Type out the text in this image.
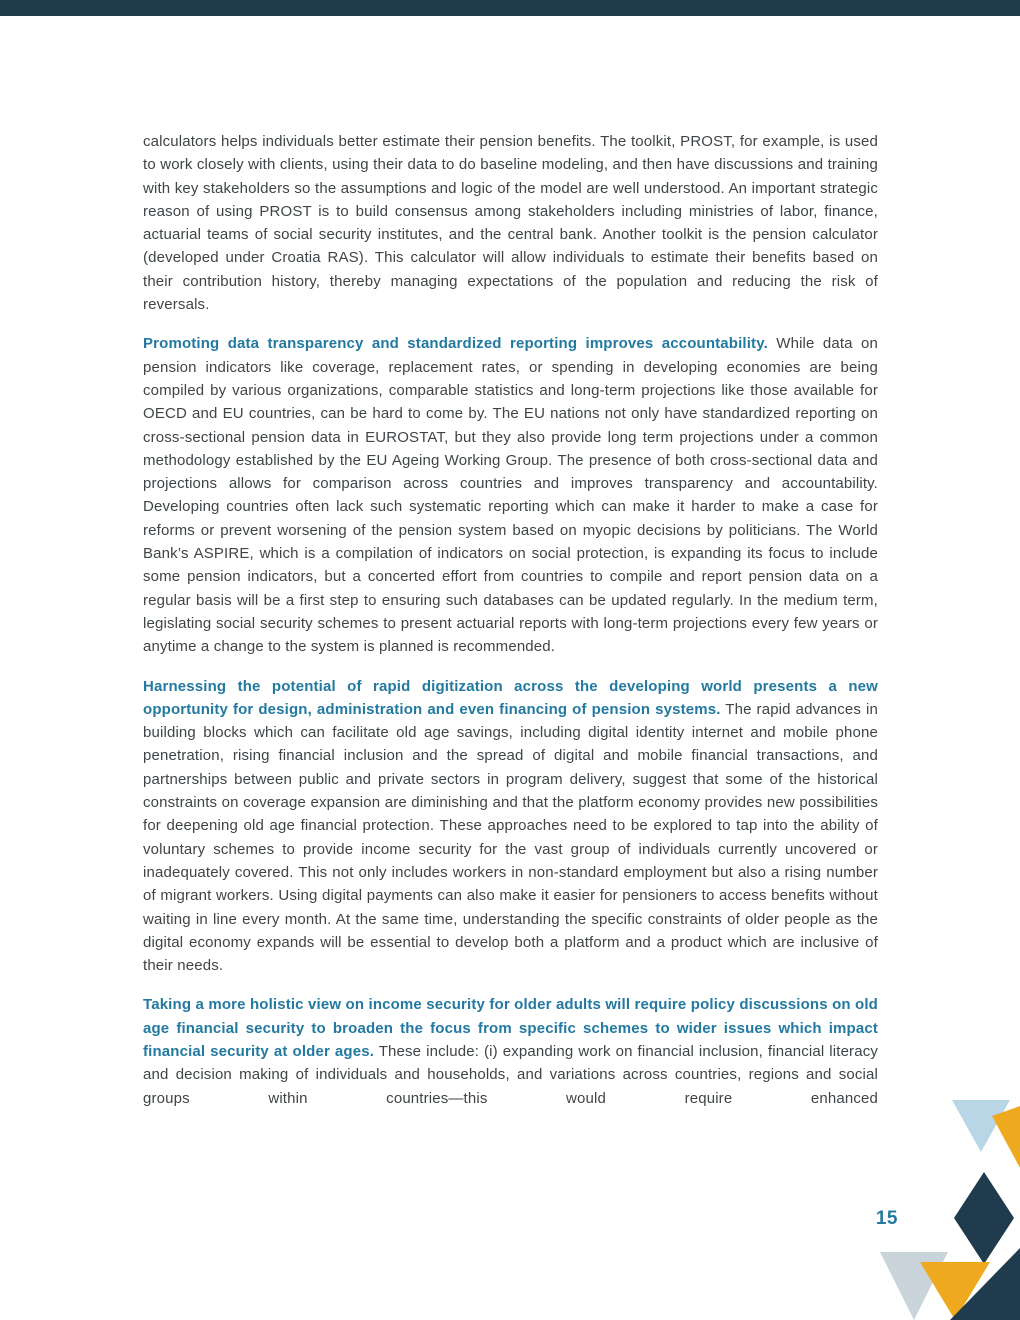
calculators helps individuals better estimate their pension benefits. The toolkit, PROST, for example, is used to work closely with clients, using their data to do baseline modeling, and then have discussions and training with key stakeholders so the assumptions and logic of the model are well understood. An important strategic reason of using PROST is to build consensus among stakeholders including ministries of labor, finance, actuarial teams of social security institutes, and the central bank. Another toolkit is the pension calculator (developed under Croatia RAS). This calculator will allow individuals to estimate their benefits based on their contribution history, thereby managing expectations of the population and reducing the risk of reversals.

Promoting data transparency and standardized reporting improves accountability. While data on pension indicators like coverage, replacement rates, or spending in developing economies are being compiled by various organizations, comparable statistics and long-term projections like those available for OECD and EU countries, can be hard to come by. The EU nations not only have standardized reporting on cross-sectional pension data in EUROSTAT, but they also provide long term projections under a common methodology established by the EU Ageing Working Group. The presence of both cross-sectional data and projections allows for comparison across countries and improves transparency and accountability. Developing countries often lack such systematic reporting which can make it harder to make a case for reforms or prevent worsening of the pension system based on myopic decisions by politicians. The World Bank’s ASPIRE, which is a compilation of indicators on social protection, is expanding its focus to include some pension indicators, but a concerted effort from countries to compile and report pension data on a regular basis will be a first step to ensuring such databases can be updated regularly. In the medium term, legislating social security schemes to present actuarial reports with long-term projections every few years or anytime a change to the system is planned is recommended.

Harnessing the potential of rapid digitization across the developing world presents a new opportunity for design, administration and even financing of pension systems. The rapid advances in building blocks which can facilitate old age savings, including digital identity internet and mobile phone penetration, rising financial inclusion and the spread of digital and mobile financial transactions, and partnerships between public and private sectors in program delivery, suggest that some of the historical constraints on coverage expansion are diminishing and that the platform economy provides new possibilities for deepening old age financial protection. These approaches need to be explored to tap into the ability of voluntary schemes to provide income security for the vast group of individuals currently uncovered or inadequately covered. This not only includes workers in non-standard employment but also a rising number of migrant workers. Using digital payments can also make it easier for pensioners to access benefits without waiting in line every month. At the same time, understanding the specific constraints of older people as the digital economy expands will be essential to develop both a platform and a product which are inclusive of their needs.

Taking a more holistic view on income security for older adults will require policy discussions on old age financial security to broaden the focus from specific schemes to wider issues which impact financial security at older ages. These include: (i) expanding work on financial inclusion, financial literacy and decision making of individuals and households, and variations across countries, regions and social groups within countries—this would require enhanced

15
